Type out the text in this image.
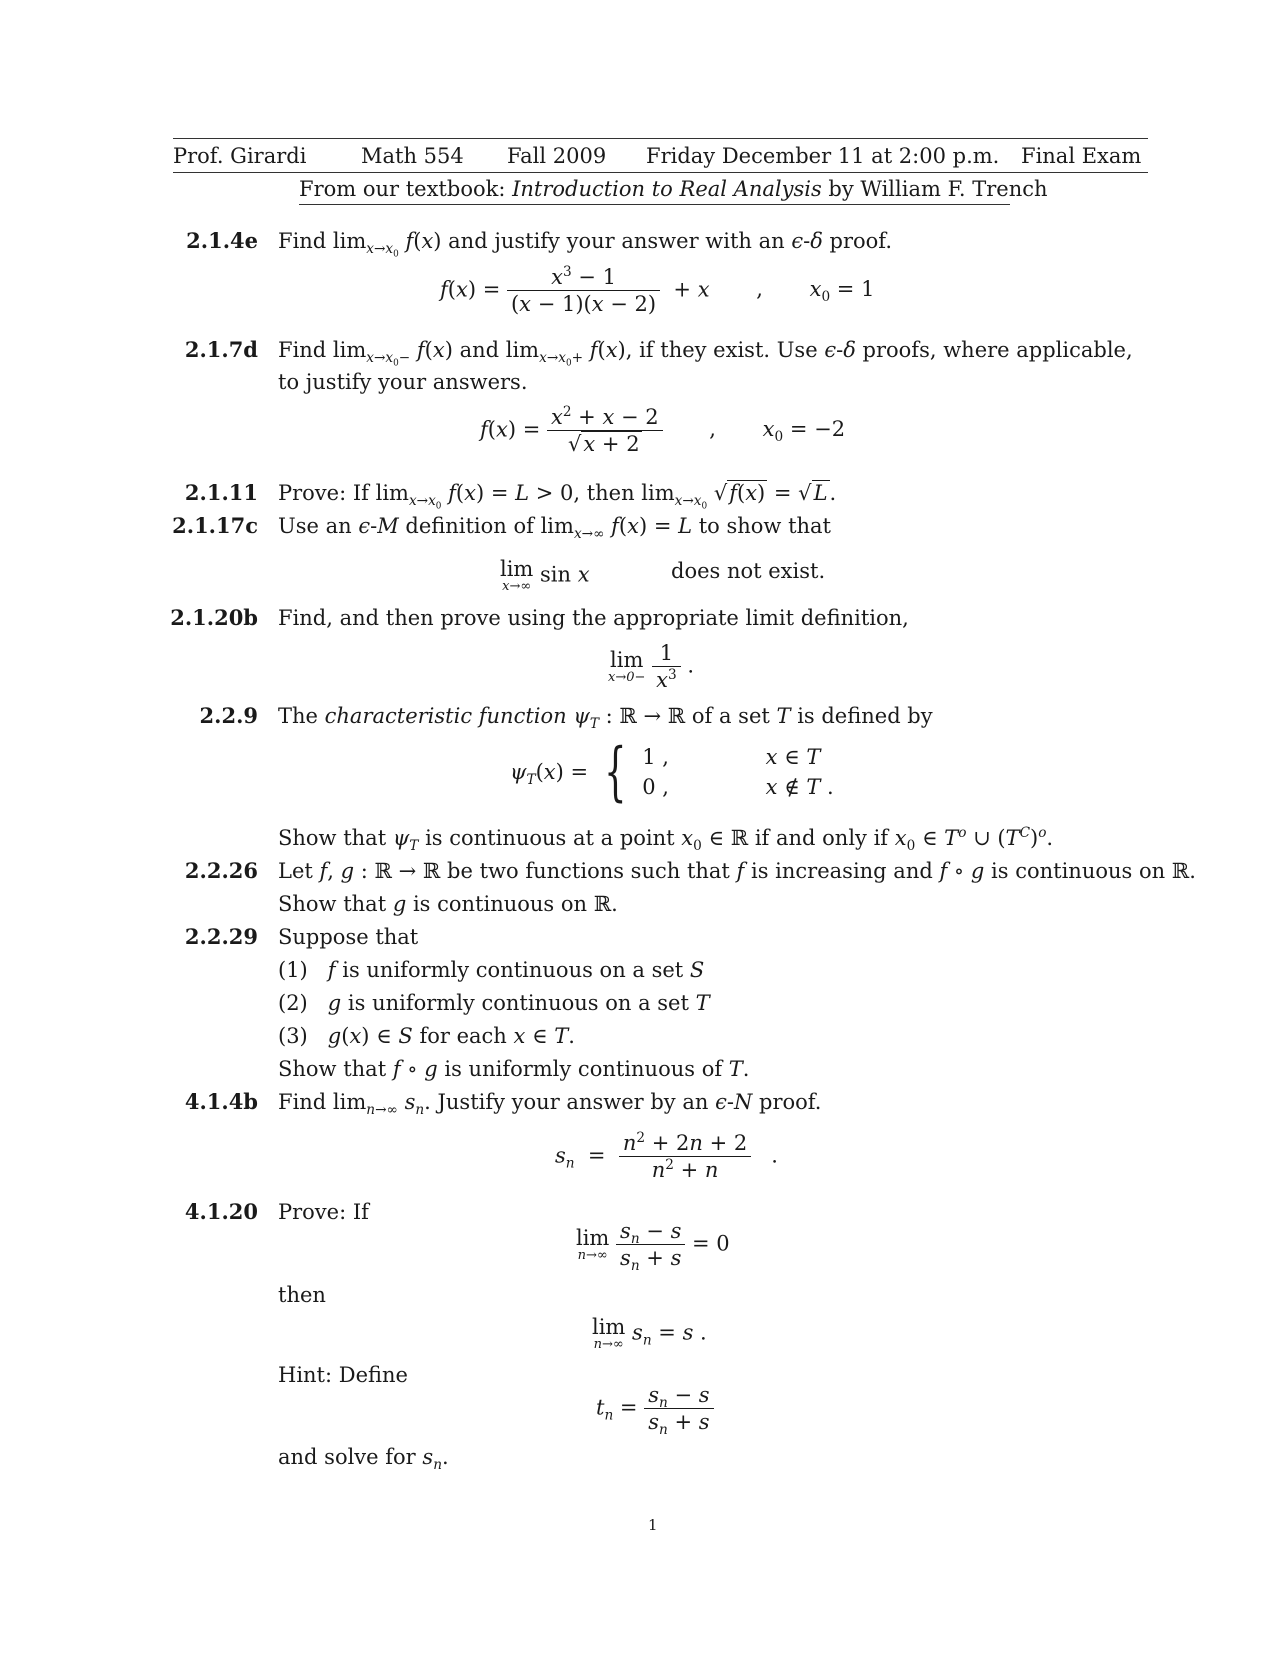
Prof. Girardi	Math 554 Fall 2009 Friday December 11 at 2:00 p.m. Final Exam
From our textbook: Introduction to Real Analysis by William F. Trench
2.1.4e Find $\lim_{x\to x_0} f(x)$ and justify your answer with an ϵ-δ proof.
$f(x) = \frac{x^3 - 1}{(x - 1)(x - 2)} + x$ , $x_0 = 1$
2.1.7d Find $\lim_{x\to x_0-} f(x)$ and $\lim_{x\to x_0+} f(x)$, if they exist. Use ϵ-δ proofs, where applicable,
to justify your answers.
$f(x) = \frac{x^2 + x - 2}{√x + 2}$ , $x_0 = -2$
2.1.11 Prove: If $\lim_{x\to x_0} f(x) = L > 0$, then $\lim_{x\to x_0} √f(x) = √L$.
2.1.17c Use an ϵ-M definition of $\lim_{x\to\infty} f(x) = L$ to show that
lim
x→∞
sin x	does not exist.
2.1.20b Find, and then prove using the appropriate limit definition,
lim
x→0−
$\frac{1}{x^3}$ .
2.2.9 The characteristic function $\psi_T$ : ℝ → ℝ of a set T is defined by
$\psi_T(x)$ = { 1 ,
0 , x ∈ T
x ∉ T .
Show that $\psi_T$ is continuous at a point $x_0$ ∈ ℝ if and only if $x_0$ ∈ $T^o$ ∪ $(T^C)^o$.
2.2.26 Let f, g : ℝ → ℝ be two functions such that f is increasing and f ∘ g is continuous on ℝ.
Show that g is continuous on ℝ.
2.2.29 Suppose that
(1)   f is uniformly continuous on a set S
(2)   g is uniformly continuous on a set T
(3)   g(x) ∈ S for each x ∈ T.
Show that f ∘ g is uniformly continuous of T.
4.1.4b Find $\lim_{n\to\infty} s_n$. Justify your answer by an ϵ-N proof.
$s_n = \frac{n^2 + 2n + 2}{n^2 + n}$ .
4.1.20 Prove: If
lim
n→∞
$\frac{s_n - s}{s_n + s} = 0$
then
lim
n→∞
$s_n = s$ .
Hint: Define
$t_n = \frac{s_n - s}{s_n + s}$
and solve for $s_n$.
1
